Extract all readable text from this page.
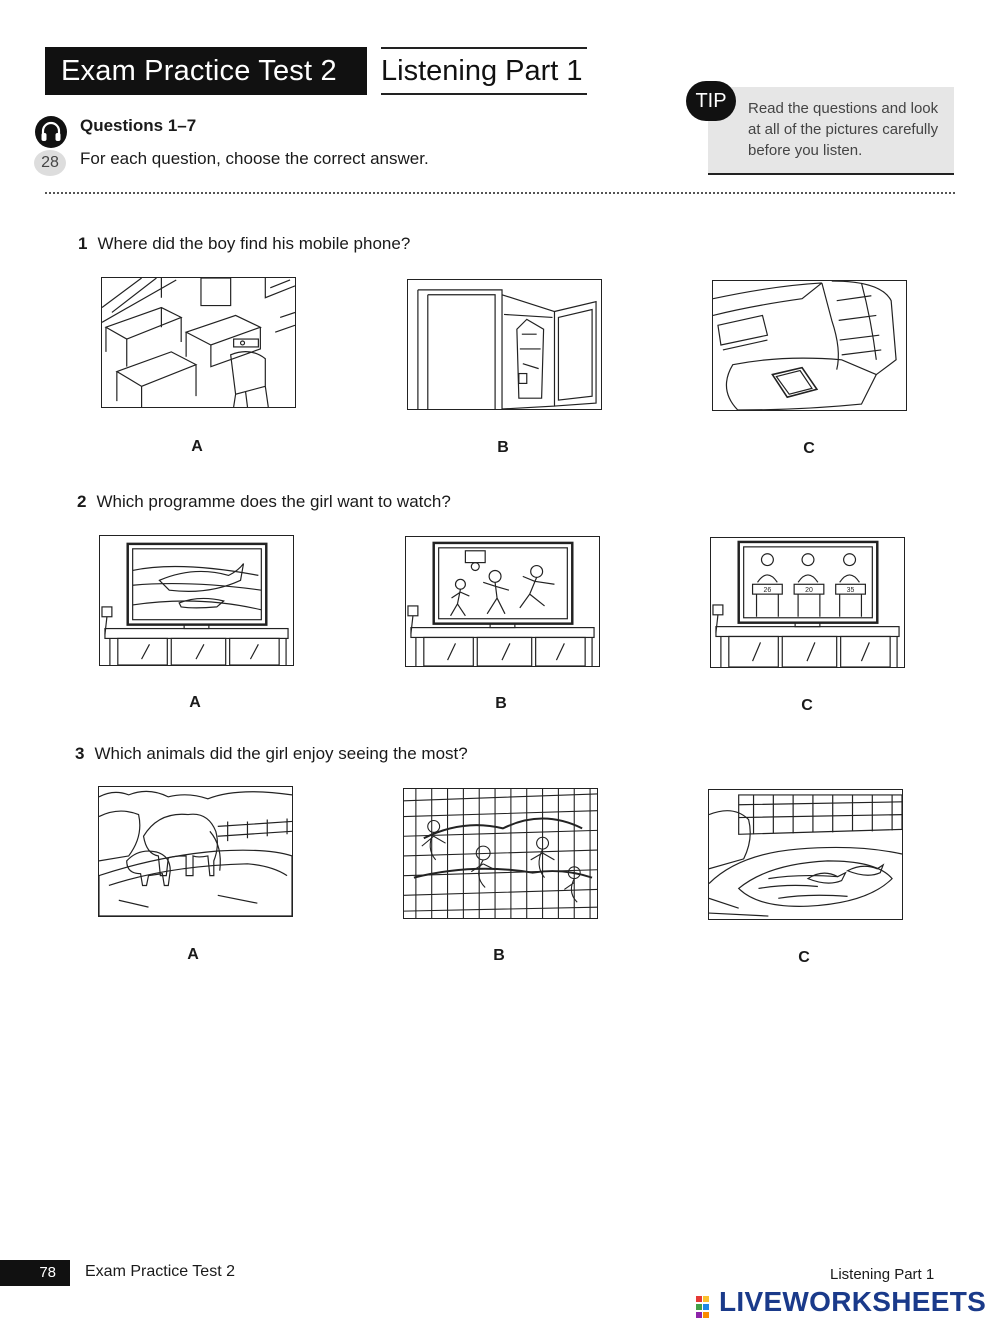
Exam Practice Test 2	Listening Part 1
28
Questions 1–7
For each question, choose the correct answer.
Read the questions and look at all of the pictures carefully before you listen.
TIP
1 Where did the boy find his mobile phone?
A	B	C
2 Which programme does the girl want to watch?
26	20	35
A	B	C
3 Which animals did the girl enjoy seeing the most?
A	B	C
78	Exam Practice Test 2	Listening Part 1
LIVEWORKSHEETS
